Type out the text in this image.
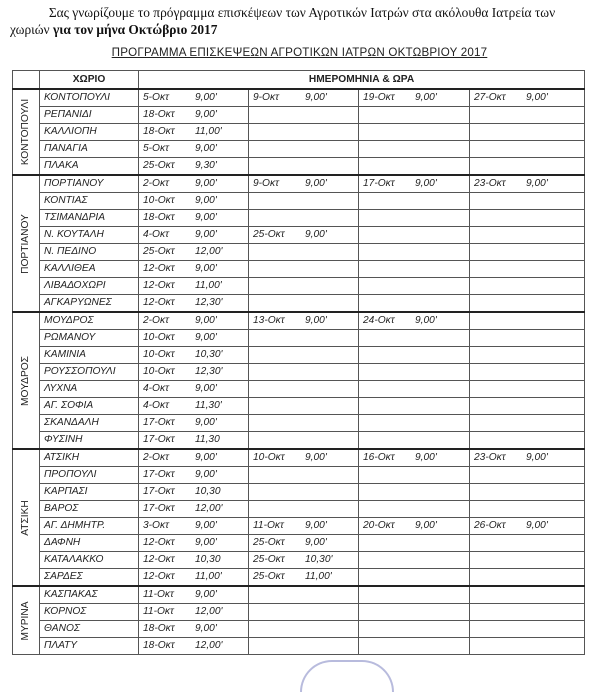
Σας γνωρίζουμε το πρόγραμμα επισκέψεων των Αγροτικών Ιατρών στα ακόλουθα Ιατρεία των
χωριών για τον μήνα Οκτώβριο 2017
ΠΡΟΓΡΑΜΜΑ ΕΠΙΣΚΕΨΕΩΝ ΑΓΡΟΤΙΚΩΝ ΙΑΤΡΩΝ ΟΚΤΩΒΡΙΟΥ 2017
	ΧΩΡΙΟ	ΗΜΕΡΟΜΗΝΙΑ & ΩΡΑ			

ΚΟΝΤΟΠΟΥΛΙ	ΚΟΝΤΟΠΟΥΛΙ	5-Οκτ 9,00'	9-Οκτ 9,00'	19-Οκτ 9,00'	27-Οκτ 9,00'
	ΡΕΠΑΝΙΔΙ	18-Οκτ 9,00'			
	ΚΑΛΛΙΟΠΗ	18-Οκτ 11,00'			
	ΠΑΝΑΓΙΑ	5-Οκτ 9,00'			
	ΠΛΑΚΑ	25-Οκτ 9,30'			

ΠΟΡΤΙΑΝΟΥ	ΠΟΡΤΙΑΝΟΥ	2-Οκτ 9,00'	9-Οκτ 9,00'	17-Οκτ 9,00'	23-Οκτ 9,00'
	ΚΟΝΤΙΑΣ	10-Οκτ 9,00'			
	ΤΣΙΜΑΝΔΡΙΑ	18-Οκτ 9,00'			
	Ν. ΚΟΥΤΑΛΗ	4-Οκτ 9,00'	25-Οκτ 9,00'		
	Ν. ΠΕΔΙΝΟ	25-Οκτ 12,00'			
	ΚΑΛΛΙΘΕΑ	12-Οκτ 9,00'			
	ΛΙΒΑΔΟΧΩΡΙ	12-Οκτ 11,00'			
	ΑΓΚΑΡΥΩΝΕΣ	12-Οκτ 12,30'			

ΜΟΥΔΡΟΣ	ΜΟΥΔΡΟΣ	2-Οκτ 9,00'	13-Οκτ 9,00'	24-Οκτ 9,00'	
	ΡΩΜΑΝΟΥ	10-Οκτ 9,00'			
	ΚΑΜΙΝΙΑ	10-Οκτ 10,30'			
	ΡΟΥΣΣΟΠΟΥΛΙ	10-Οκτ 12,30'			
	ΛΥΧΝΑ	4-Οκτ 9,00'			
	ΑΓ. ΣΟΦΙΑ	4-Οκτ 11,30'			
	ΣΚΑΝΔΑΛΗ	17-Οκτ 9,00'			
	ΦΥΣΙΝΗ	17-Οκτ 11,30			

ΑΤΣΙΚΗ	ΑΤΣΙΚΗ	2-Οκτ 9,00'	10-Οκτ 9,00'	16-Οκτ 9,00'	23-Οκτ 9,00'
	ΠΡΟΠΟΥΛΙ	17-Οκτ 9,00'			
	ΚΑΡΠΑΣΙ	17-Οκτ 10,30			
	ΒΑΡΟΣ	17-Οκτ 12,00'			
	ΑΓ. ΔΗΜΗΤΡ.	3-Οκτ 9,00'	11-Οκτ 9,00'	20-Οκτ 9,00'	26-Οκτ 9,00'
	ΔΑΦΝΗ	12-Οκτ 9,00'	25-Οκτ 9,00'		
	ΚΑΤΑΛΑΚΚΟ	12-Οκτ 10,30	25-Οκτ 10,30'		
	ΣΑΡΔΕΣ	12-Οκτ 11,00'	25-Οκτ 11,00'		

ΜΥΡΙΝΑ	ΚΑΣΠΑΚΑΣ	11-Οκτ 9,00'			
	ΚΟΡΝΟΣ	11-Οκτ 12,00'			
	ΘΑΝΟΣ	18-Οκτ 9,00'			
	ΠΛΑΤΥ	18-Οκτ 12,00'			
